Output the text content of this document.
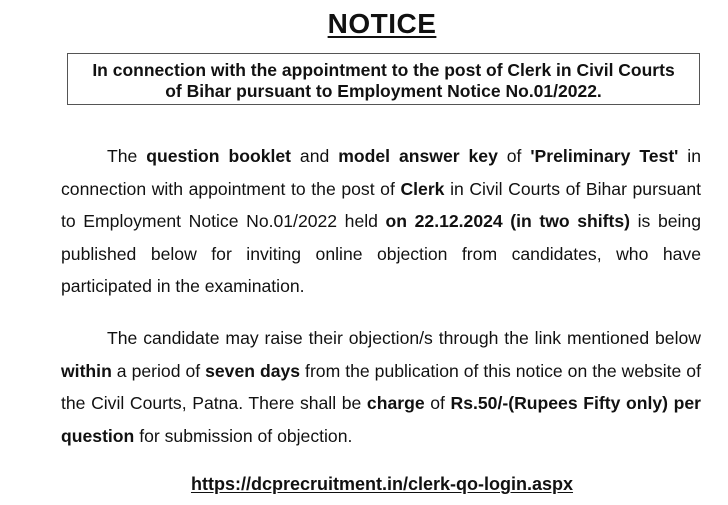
NOTICE
In connection with the appointment to the post of Clerk in Civil Courts
of Bihar pursuant to Employment Notice No.01/2022.

The question booklet and model answer key of 'Preliminary Test' in connection with appointment to the post of Clerk in Civil Courts of Bihar pursuant to Employment Notice No.01/2022 held on 22.12.2024 (in two shifts) is being published below for inviting online objection from candidates, who have participated in the examination.

The candidate may raise their objection/s through the link mentioned below within a period of seven days from the publication of this notice on the website of the Civil Courts, Patna. There shall be charge of Rs.50/-(Rupees Fifty only) per question for submission of objection.

https://dcprecruitment.in/clerk-qo-login.aspx
